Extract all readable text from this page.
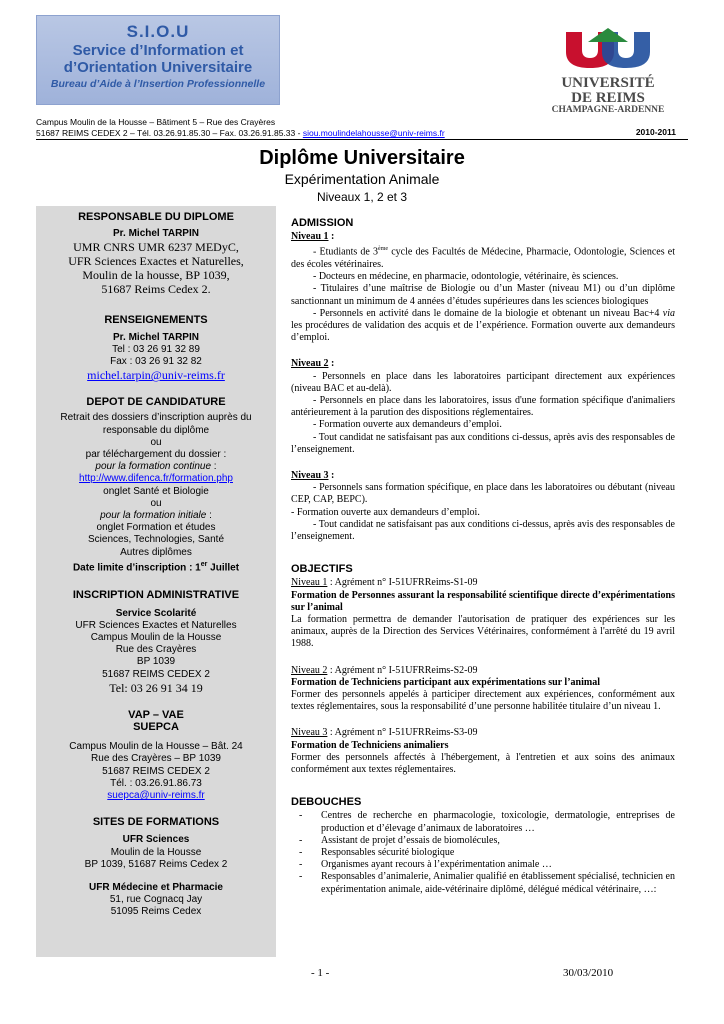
S.I.O.U
Service d’Information et
d’Orientation Universitaire
Bureau d’Aide à l’Insertion Professionnelle	UNIVERSITÉ
DE REIMS
CHAMPAGNE-ARDENNE
Campus Moulin de la Housse – Bâtiment 5 – Rue des Crayères
51687 REIMS CEDEX 2 – Tél. 03.26.91.85.30 – Fax. 03.26.91.85.33 - siou.moulindelahousse@univ-reims.fr	2010-2011
Diplôme Universitaire
Expérimentation Animale
Niveaux 1, 2 et 3
RESPONSABLE DU DIPLOME
Pr. Michel TARPIN
UMR CNRS UMR 6237 MEDyC,
UFR Sciences Exactes et Naturelles,
Moulin de la housse, BP 1039,
51687 Reims Cedex 2.
RENSEIGNEMENTS
Pr. Michel TARPIN
Tel : 03 26 91 32 89
Fax : 03 26 91 32 82
michel.tarpin@univ-reims.fr
DEPOT DE CANDIDATURE
Retrait des dossiers d’inscription auprès du
responsable du diplôme
ou
par téléchargement du dossier :
pour la formation continue :
http://www.difenca.fr/formation.php
onglet Santé et Biologie
ou
pour la formation initiale :
onglet Formation et études
Sciences, Technologies, Santé
Autres diplômes
Date limite d’inscription : 1er Juillet
INSCRIPTION ADMINISTRATIVE
Service Scolarité
UFR Sciences Exactes et Naturelles
Campus Moulin de la Housse
Rue des Crayères
BP 1039
51687 REIMS CEDEX 2
Tel: 03 26 91 34 19
VAP – VAE
SUEPCA
Campus Moulin de la Housse – Bât. 24
Rue des Crayères – BP 1039
51687 REIMS CEDEX 2
Tél. : 03.26.91.86.73
suepca@univ-reims.fr
SITES DE FORMATIONS
UFR Sciences
Moulin de la Housse
BP 1039, 51687 Reims Cedex 2
UFR Médecine et Pharmacie
51, rue Cognacq Jay
51095 Reims Cedex
ADMISSION

Niveau 1 :

- Etudiants de 3ème cycle des Facultés de Médecine, Pharmacie, Odontologie, Sciences et des écoles vétérinaires.

- Docteurs en médecine, en pharmacie, odontologie, vétérinaire, ès sciences.

- Titulaires d’une maîtrise de Biologie ou d’un Master (niveau M1) ou d’un diplôme sanctionnant un minimum de 4 années d’études supérieures dans les sciences biologiques

- Personnels en activité dans le domaine de la biologie et obtenant un niveau Bac+4 via les procédures de validation des acquis et de l’expérience. Formation ouverte aux demandeurs d’emploi.

Niveau 2 :

- Personnels en place dans les laboratoires participant directement aux expériences (niveau BAC et au-delà).

- Personnels en place dans les laboratoires, issus d'une formation spécifique d'animaliers antérieurement à la parution des dispositions réglementaires.

- Formation ouverte aux demandeurs d’emploi.

- Tout candidat ne satisfaisant pas aux conditions ci-dessus, après avis des responsables de l’enseignement.

Niveau 3 :

- Personnels sans formation spécifique, en place dans les laboratoires ou débutant (niveau CEP, CAP, BEPC).

- Formation ouverte aux demandeurs d’emploi.

- Tout candidat ne satisfaisant pas aux conditions ci-dessus, après avis des responsables de l’enseignement.

OBJECTIFS

Niveau 1 : Agrément n° I-51UFRReims-S1-09

Formation de Personnes assurant la responsabilité scientifique directe d’expérimentations sur l’animal

La formation permettra de demander l'autorisation de pratiquer des expériences sur les animaux, auprès de la Direction des Services Vétérinaires, conformément à l'arrêté du 19 avril 1988.

Niveau 2 : Agrément n° I-51UFRReims-S2-09

Formation de Techniciens participant aux expérimentations sur l’animal

Former des personnels appelés à participer directement aux expériences, conformément aux textes réglementaires, sous la responsabilité d’une personne habilitée titulaire d’un niveau 1.

Niveau 3 : Agrément n° I-51UFRReims-S3-09

Formation de Techniciens animaliers

Former des personnels affectés à l'hébergement, à l'entretien et aux soins des animaux conformément aux textes réglementaires.

DEBOUCHES
-	Centres de recherche en pharmacologie, toxicologie, dermatologie, entreprises de production et d’élevage d’animaux de laboratoires …
-	Assistant de projet d’essais de biomolécules,
-	Responsables sécurité biologique
-	Organismes ayant recours à l’expérimentation animale …
-	Responsables d’animalerie, Animalier qualifié en établissement spécialisé, technicien en expérimentation animale, aide-vétérinaire diplômé, délégué médical vétérinaire, …:
- 1 -	30/03/2010
